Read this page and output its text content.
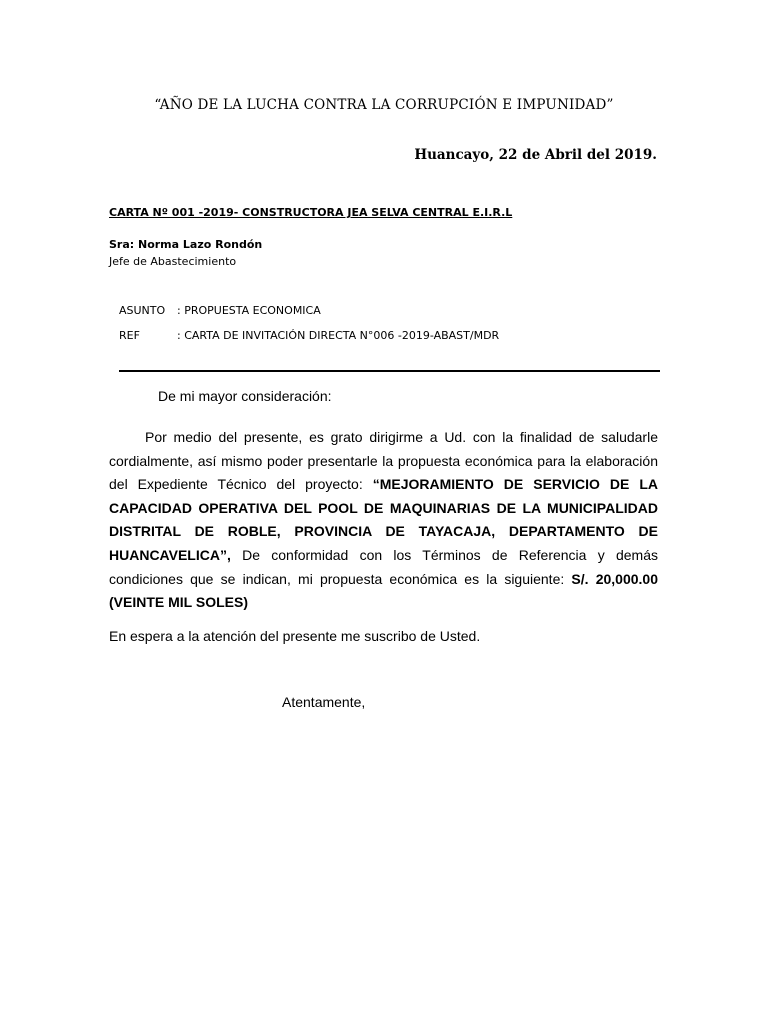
“AÑO DE LA LUCHA CONTRA LA CORRUPCIÓN E IMPUNIDAD”
Huancayo, 22 de Abril del 2019.
CARTA Nº 001 -2019- CONSTRUCTORA JEA SELVA CENTRAL E.I.R.L
Sra: Norma Lazo Rondón
Jefe de Abastecimiento
ASUNTO : PROPUESTA ECONOMICA
REF	: CARTA DE INVITACIÓN DIRECTA N°006 -2019-ABAST/MDR
De mi mayor consideración:
Por medio del presente, es grato dirigirme a Ud. con la finalidad de saludarle cordialmente, así mismo poder presentarle la propuesta económica para la elaboración del Expediente Técnico del proyecto: “MEJORAMIENTO DE SERVICIO DE LA CAPACIDAD OPERATIVA DEL POOL DE MAQUINARIAS DE LA MUNICIPALIDAD DISTRITAL DE ROBLE, PROVINCIA DE TAYACAJA, DEPARTAMENTO DE HUANCAVELICA”, De conformidad con los Términos de Referencia y demás condiciones que se indican, mi propuesta económica es la siguiente: S/. 20,000.00 (VEINTE MIL SOLES)
En espera a la atención del presente me suscribo de Usted.
Atentamente,
